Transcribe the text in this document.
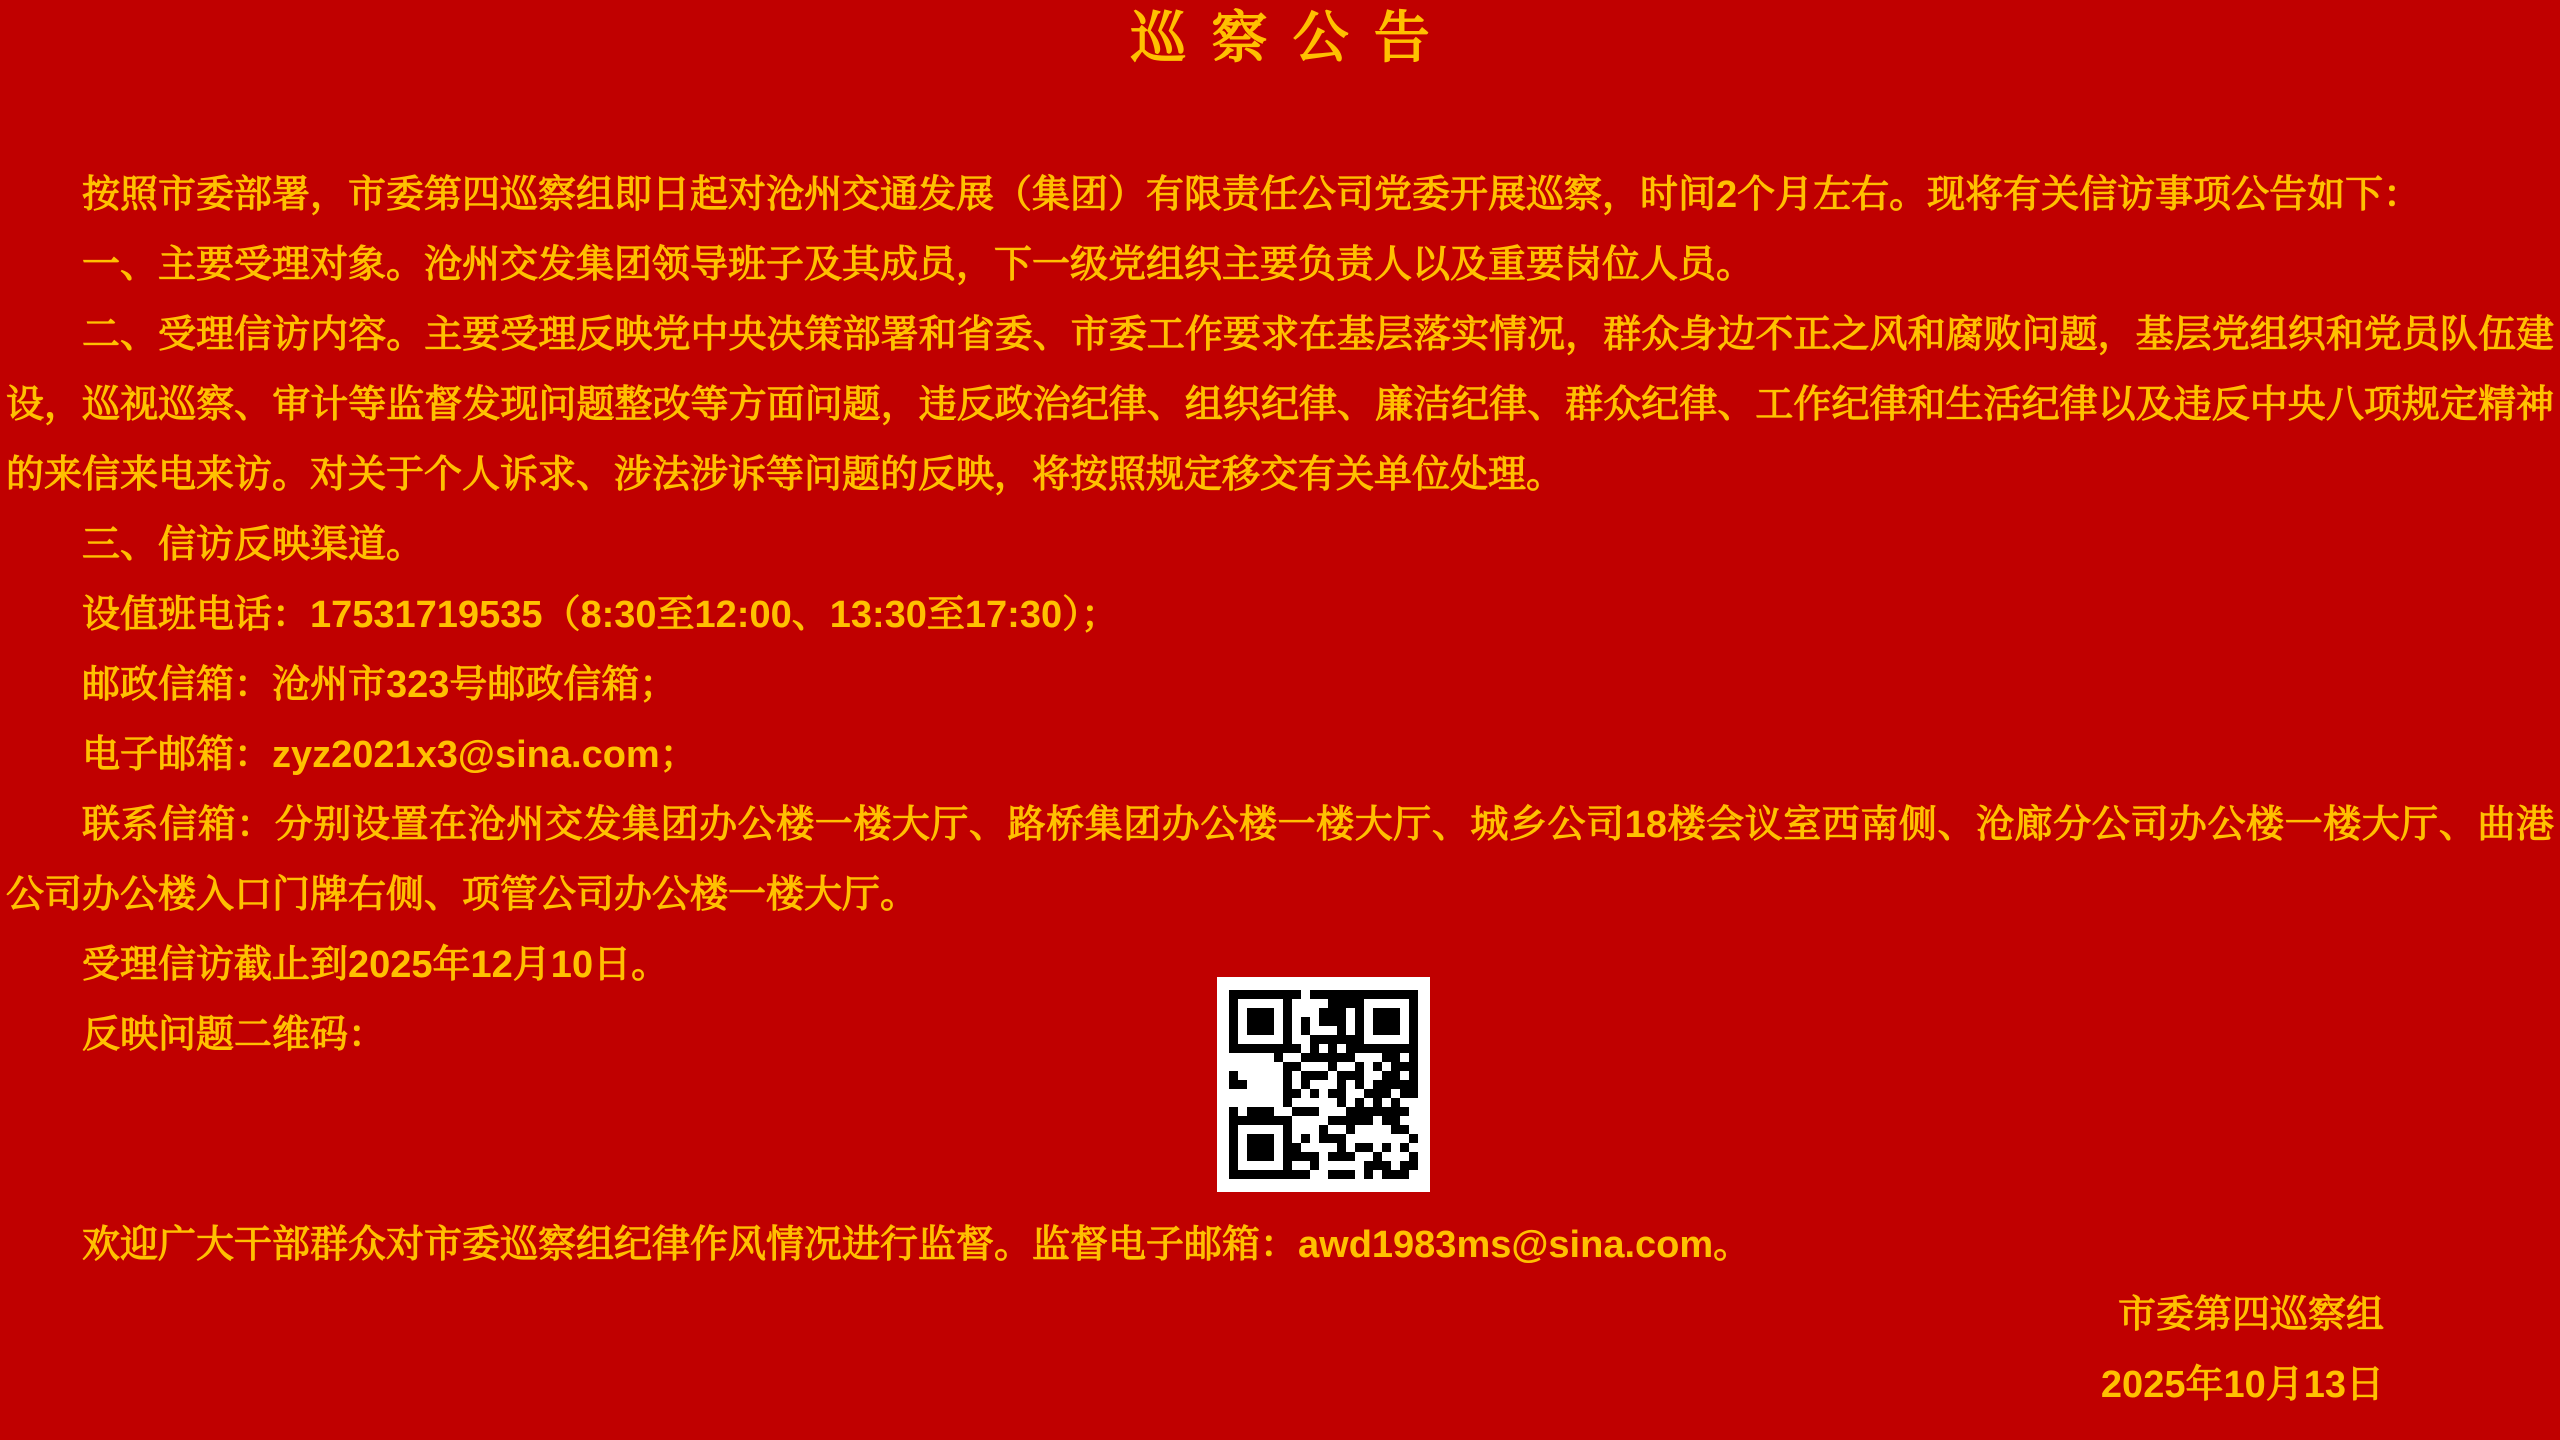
巡察公告

按照市委部署，市委第四巡察组即日起对沧州交通发展（集团）有限责任公司党委开展巡察，时间2个月左右。现将有关信访事项公告如下：

一、主要受理对象。沧州交发集团领导班子及其成员，下一级党组织主要负责人以及重要岗位人员。

二、受理信访内容。主要受理反映党中央决策部署和省委、市委工作要求在基层落实情况，群众身边不正之风和腐败问题，基层党组织和党员队伍建设，巡视巡察、审计等监督发现问题整改等方面问题，违反政治纪律、组织纪律、廉洁纪律、群众纪律、工作纪律和生活纪律以及违反中央八项规定精神的来信来电来访。对关于个人诉求、涉法涉诉等问题的反映，将按照规定移交有关单位处理。

三、信访反映渠道。

设值班电话：17531719535（8:30至12:00、13:30至17:30）；

邮政信箱：沧州市323号邮政信箱；

电子邮箱：zyz2021x3@sina.com；

联系信箱：分别设置在沧州交发集团办公楼一楼大厅、路桥集团办公楼一楼大厅、城乡公司18楼会议室西南侧、沧廊分公司办公楼一楼大厅、曲港公司办公楼入口门牌右侧、项管公司办公楼一楼大厅。

受理信访截止到2025年12月10日。

反映问题二维码：

欢迎广大干部群众对市委巡察组纪律作风情况进行监督。监督电子邮箱：awd1983ms@sina.com。

市委第四巡察组

2025年10月13日
